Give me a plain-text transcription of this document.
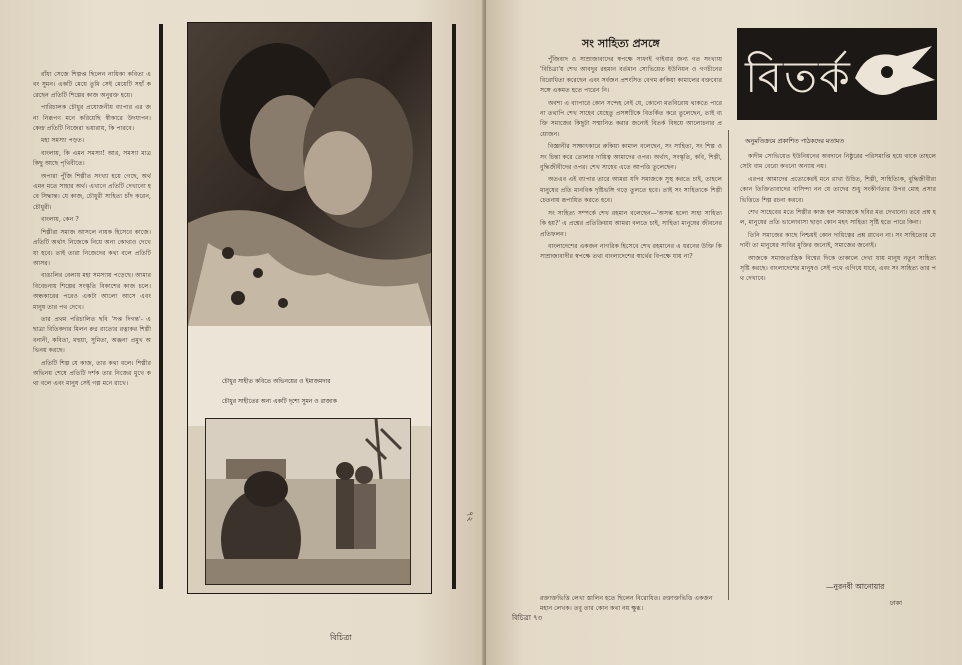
রাঁধা সেজে শিল্পপ্ত ছিলেন নায়িকা কবিতা এবং সুমন। একটি মেয়ে তুমি সেই মেয়েটি সহাঁ করেছেন প্রতিটি শিল্পের কাজ অনুরক্ত হয়ে।

পারিচালক চৌধুর প্রযোজনীয় ব্যাপার এর জন্য নিরূপণ মনে করিয়েছি স্বীকারে উদযাপন। কেন্দ্র প্রতিটি নিজেরা ভয়ারায়, কি পারবে।

মহা সমস্যা পড়ত।

বাংলায়, কি এমন সমস্যা! আর, সমস্যা মাত্র কিছু আছে পৃথিবীতে।

অপারা পুঁজি শিল্পীত সংখ্যা হয়ে গেছে, অর্থ এমন মতে সাহার অর্থ। এখানে প্রতিটি দেখানো হবে সিদ্ধান্ত। যে কাজ, চৌধুরী সাহিত্য চাঁদ করেন, চৌধুরী।

বাংলায়, কেন ?

শিল্পীরা সমাজ আসলে নায়ক হিসেবে কাজে। প্রতিটি অর্থাৎ নিজেকে নিয়ে অন্য কোথাও দেখে যা হবে। তাই তারা নিজেদের কথা বলে প্রতিটি আসর।

বাঙালির বেলায় মহা সমস্যায় পড়েছে। আমার বিবেচনায় শিল্পের সংস্কৃতি বিকাশের কাজ চলে। অন্ধকারের পরেও একটা আলো আসে এবং মানুষ তার পথ দেখে।

তার প্রথম পরিচালিত ছবি 'সপ্ত দিগন্ত'- এ ছাত্রা বিতিকদার মিলন রুগ্ন রাত্যের রত্নাকর শিল্পী বনানী, কবিতা, মহুয়া, সুমিতা, অঞ্জনা প্রমুখ অভিনয় করছে।

প্রতিটি শিল্প যে কাজ, তার কথা বলে। শিল্পীর অভিনয় শেষে প্রতিটি দর্শক তার নিজের মুখে কথা বলে এবং মানুষ সেই গল্প মনে রাখে।	চৌধুর সাহীত কবিতে অভিনয়ের ও ইমাজমদার
চৌধুর সাহীতের অন্য একটি দৃশ্যে সুমন ও রাজাক
৭২
বিচিত্রা
সং সাহিত্য প্রসঙ্গে

পুঁজিবাদ ও সাম্রাজ্যবাদের স্বপক্ষে সাফাই গাইবার জন্য গত সংখ্যায় 'বিচিত্রা'য় শেখ আবদুর রহমান বর্তমান সোভিয়েত ইউনিয়ন ও গণচীনের বিরোধিতা করেছেন এবং সর্বজন প্রশংসিত বেগম রুকিয়া কামালের বক্তব্যের সঙ্গে একমত হতে পারেন নি।

অবশ্য এ ব্যাপারে কোন সন্দেহ নেই যে, কোনো মতবিরোধ থাকতে পারে না তথাপি শেখ সাহেব যেহেতু প্রসঙ্গটিকে বিতর্কিত করে তুলেছেন, তাই ব্যক্তি সমাজের কিছুটা সম্মানিত করার জন্যেই বিতর্ক বিষয়ে আলোচনার প্রয়োজন।

বিজ্ঞানীর সাক্ষাৎকারে রুকিয়া কামাল বলেছেন, সং সাহিত্য, সং শিল্প ও সং চিন্তা করে তোলার দায়িত্ব আমাদের ওপর। অর্থাৎ, সংস্কৃতি, কবি, শিল্পী, বুদ্ধিজীবীদের ওপর। শেখ সাহেব এতে আপত্তি তুলেছেন।

অতএব এই ব্যাপার তারে আমরা যদি সমাজকে সুস্থ করতে চাই, তাহলে মানুষের প্রতি মানবিক দৃষ্টিভঙ্গি গড়ে তুলতে হবে। তাই সং সাহিত্যকে শিল্পী চেতনায় রূপায়িত করতে হবে।

সং সাহিত্য সম্পর্কে শেখ রহমান বলেছেন—'অসম্ভ হলো সাহা সাহিত্য কি হয়?' এ প্রশ্নের প্রতিক্রিয়ায় আমরা বলতে চাই, সাহিত্য মানুষের জীবনের প্রতিফলন।

বাংলাদেশের একজন নাগরিক হিসেবে শেখ রহমানের এ ধরনের উক্তি কি সাম্রাজ্যবাদীর স্বপক্ষে তথা বাংলাদেশের স্বার্থের বিপক্ষে যায় না?

রক্তাক্তভিত্তি লেখা স্তালিন হতে ছিলেন বিরোধিত। রক্তাক্তভিত্তি একজন মহান লেখক। তবু তার কোন কথা নয় ক্ষুব্ধ।
বিতর্ক
অনুমতিক্রমে প্রকাশিত পাঠকদের মতামত

কাদীম সোভিয়েত ইউনিয়নের অবদানে নিষ্ঠুরের পরিসমাপ্তি হয়ে থাকে তাহলে সেটা বাম বেরো কখনো অন্যায় নয়।

এরপর আমাদের প্রত্যেকেরই মনে রাখা উচিত, শিল্পী, সাহিত্যিক, বুদ্ধিজীবীরা কোন তিক্তিতাবাদের বাসিন্দা নন যে তাদের শুধু সংকীর্ণতার উপর মোহ প্রসার ভিত্তিতে শিল্প রচনা করবে।

শেখ সাহেবের মতে শিল্পীর কাজ হল সমাজকে ছবির মত দেখানো। তবে প্রশ্ন হল, মানুষের প্রতি ভালোবাসা ছাড়া কোন মহৎ সাহিত্য সৃষ্টি হতে পারে কিনা।

তিনি সমাজের কাছে নিশ্চয়ই কোন দায়িত্বের প্রশ্ন রাখেন না। সং সাহিত্যের যে দাবী তা মানুষের সাবির মুক্তির জন্যেই, সমাজের জন্যেই।

আজকে সমাজতান্ত্রিক বিশ্বের দিকে তাকালে দেখা যায় মানুষ নতুন সাহিত্য সৃষ্টি করছে। বাংলাদেশের মানুষও সেই পথে এগিয়ে যাবে, এবং সং সাহিত্য তার পথ দেখাবে।

—নুরনবী আনোয়ার
ঢাকা
বিচিত্রা ৭৩
